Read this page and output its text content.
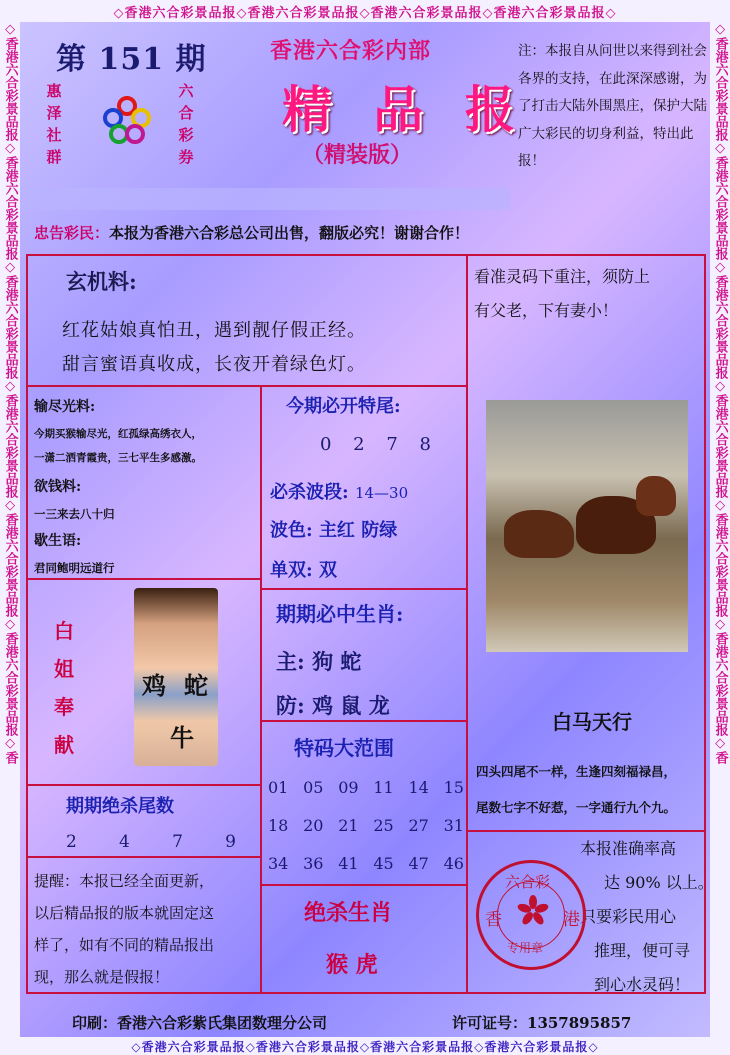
◇香港六合彩景品报◇香港六合彩景品报◇香港六合彩景品报◇香港六合彩景品报◇
◇香港六合彩景品报◇香港六合彩景品报◇香港六合彩景品报◇香港六合彩景品报◇
◇香港六合彩景品报◇香港六合彩景品报◇香港六合彩景品报◇香港六合彩景品报◇香港六合彩景品报◇香港六合彩景品报◇香	◇香港六合彩景品报◇香港六合彩景品报◇香港六合彩景品报◇香港六合彩景品报◇香港六合彩景品报◇香港六合彩景品报◇香
第 151 期
惠泽社群
六合彩券
香港六合彩内部
精 品 报
（精装版）
注：本报自从问世以来得到社会各界的支持，在此深深感谢，为了打击大陆外围黑庄，保护大陆广大彩民的切身利益，特出此报！
忠告彩民：本报为香港六合彩总公司出售，翻版必究！谢谢合作！
玄机料:
红花姑娘真怕丑，遇到靓仔假正经。
甜言蜜语真收成，长夜开着绿色灯。
看准灵码下重注，须防上
有父老，下有妻小！
输尽光料:
今期买猴输尽光，红孤绿高绣衣人，
一潇二洒青霞贵，三七平生多感激。
欲钱料:
一三来去八十归
歇生语:
君同鲍明远道行
今期必开特尾:
0 2 7 8
必杀波段: 14—30
波色: 主红 防绿
单双: 双
白姐奉献
鸡 蛇
牛
期期必中生肖:
主: 狗 蛇
防: 鸡 鼠 龙
白马天行
四头四尾不一样，生逢四刻福禄昌，
尾数七字不好惹，一字通行九个九。
期期绝杀尾数
2 4 7 9
特码大范围
01 05 09 11 14 15
18 20 21 25 27 31
34 36 41 45 47 46
本报准确率高
达 90% 以上。
只要彩民用心
推理，便可寻
到心水灵码！
六合彩
香	港
专用章
提醒：本报已经全面更新，
以后精品报的版本就固定这
样了，如有不同的精品报出
现，那么就是假报！
绝杀生肖
猴 虎
印刷：香港六合彩紫氏集团数理分公司	许可证号：1357895857
